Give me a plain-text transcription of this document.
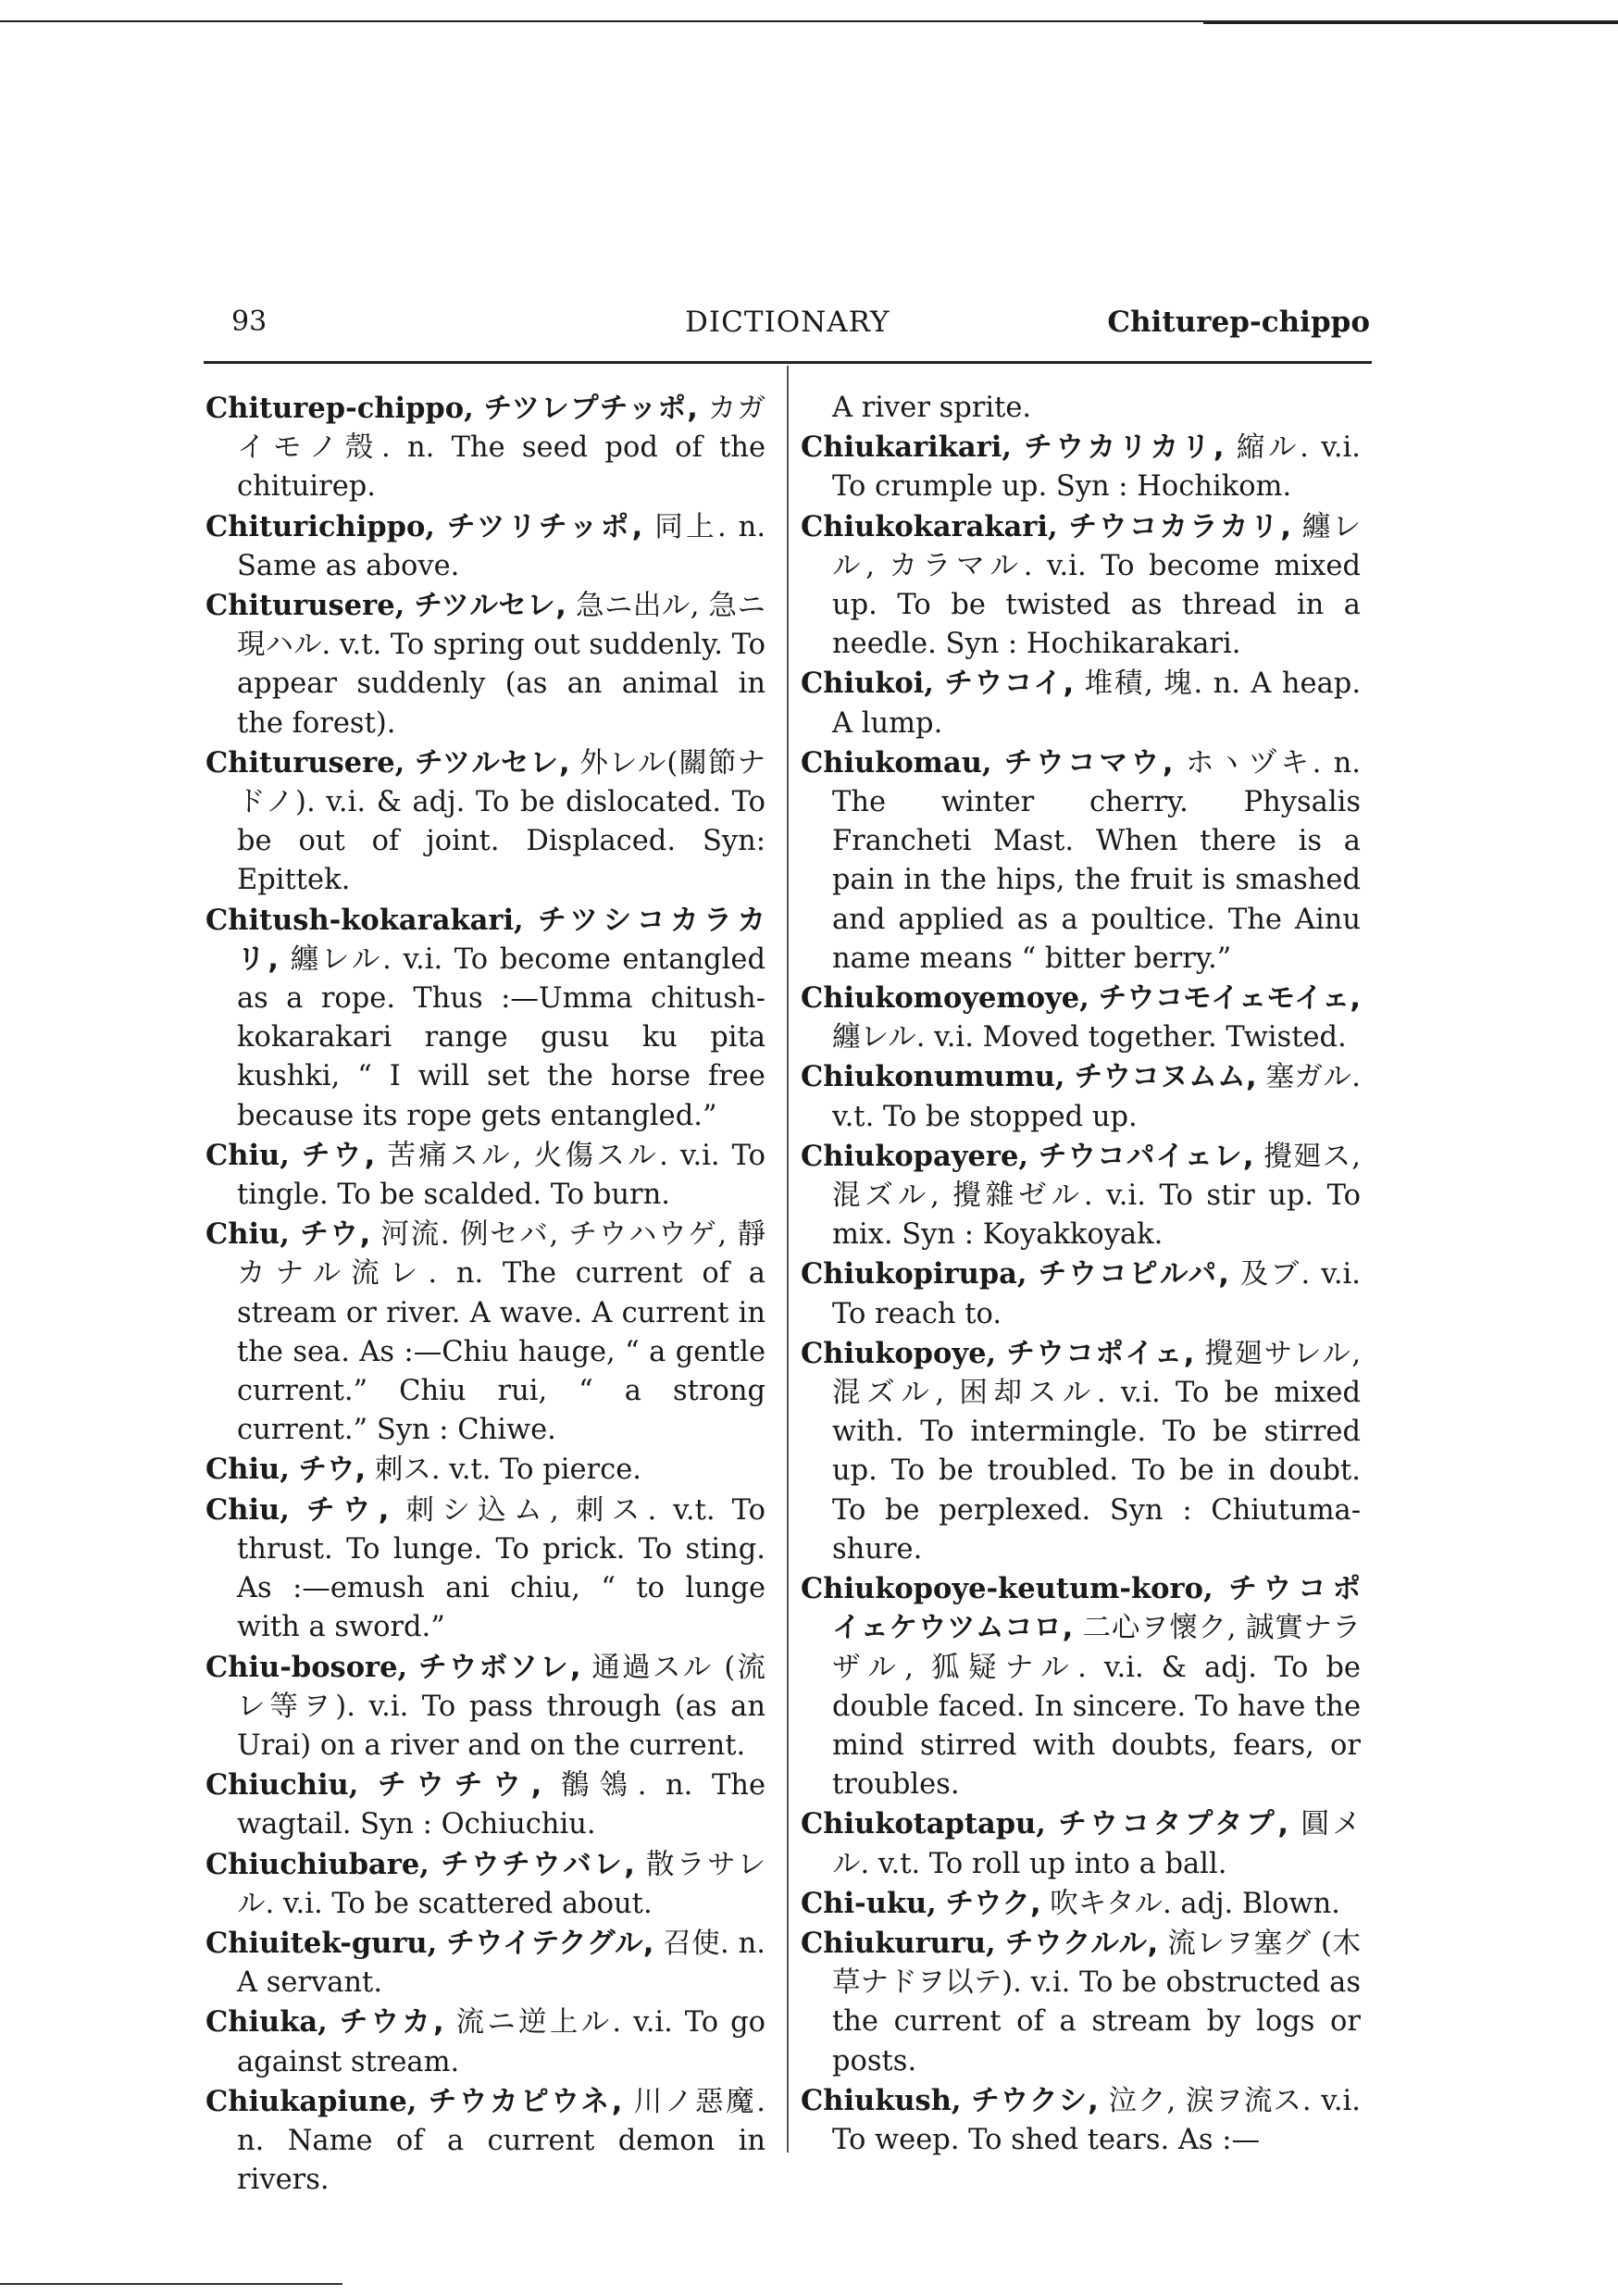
93	DICTIONARY	Chiturep-chippo

Chiturep-chippo, チツレプチッポ, カガイモノ殼. n. The seed pod of the chituirep.

Chiturichippo, チツリチッポ, 同上. n. Same as above.

Chiturusere, チツルセレ, 急ニ出ル, 急ニ現ハル. v.t. To spring out suddenly. To appear suddenly (as an animal in the forest).

Chiturusere, チツルセレ, 外レル(關節ナドノ). v.i. & adj. To be dislocated. To be out of joint. Displaced. Syn: Epittek.

Chitush-kokarakari, チツシコカラカリ, 纏レル. v.i. To become entangled as a rope. Thus :—Umma chitush-kokarakari range gusu ku pita kushki, “ I will set the horse free because its rope gets entangled.”

Chiu, チウ, 苦痛スル, 火傷スル. v.i. To tingle. To be scalded. To burn.

Chiu, チウ, 河流. 例セバ, チウハウゲ, 靜カナル流レ. n. The current of a stream or river. A wave. A current in the sea. As :—Chiu hauge, “ a gentle current.” Chiu rui, “ a strong current.” Syn : Chiwe.

Chiu, チウ, 刺ス. v.t. To pierce.

Chiu, チウ, 刺シ込ム, 刺ス. v.t. To thrust. To lunge. To prick. To sting. As :—emush ani chiu, “ to lunge with a sword.”

Chiu-bosore, チウボソレ, 通過スル (流レ等ヲ). v.i. To pass through (as an Urai) on a river and on the current.

Chiuchiu, チウチウ, 鶺鴒. n. The wagtail. Syn : Ochiuchiu.

Chiuchiubare, チウチウバレ, 散ラサレル. v.i. To be scattered about.

Chiuitek-guru, チウイテクグル, 召使. n. A servant.

Chiuka, チウカ, 流ニ逆上ル. v.i. To go against stream.

Chiukapiune, チウカピウネ, 川ノ惡魔. n. Name of a current demon in rivers.

A river sprite.

Chiukarikari, チウカリカリ, 縮ル. v.i. To crumple up. Syn : Hochikom.

Chiukokarakari, チウコカラカリ, 纏レル, カラマル. v.i. To become mixed up. To be twisted as thread in a needle. Syn : Hochikarakari.

Chiukoi, チウコイ, 堆積, 塊. n. A heap. A lump.

Chiukomau, チウコマウ, ホヽヅキ. n. The winter cherry. Physalis Francheti Mast. When there is a pain in the hips, the fruit is smashed and applied as a poultice. The Ainu name means “ bitter berry.”

Chiukomoyemoye, チウコモイェモイェ, 纏レル. v.i. Moved together. Twisted.

Chiukonumumu, チウコヌムム, 塞ガル. v.t. To be stopped up.

Chiukopayere, チウコパイェレ, 攪廻ス, 混ズル, 攪雜ゼル. v.i. To stir up. To mix. Syn : Koyakkoyak.

Chiukopirupa, チウコピルパ, 及ブ. v.i. To reach to.

Chiukopoye, チウコポイェ, 攪廻サレル, 混ズル, 困却スル. v.i. To be mixed with. To intermingle. To be stirred up. To be troubled. To be in doubt. To be perplexed. Syn : Chiutuma-shure.

Chiukopoye-keutum-koro, チウコポイェケウツムコロ, 二心ヲ懷ク, 誠實ナラザル, 狐疑ナル. v.i. & adj. To be double faced. In sincere. To have the mind stirred with doubts, fears, or troubles.

Chiukotaptapu, チウコタプタプ, 圓メル. v.t. To roll up into a ball.

Chi-uku, チウク, 吹キタル. adj. Blown.

Chiukururu, チウクルル, 流レヲ塞グ (木草ナドヲ以テ). v.i. To be obstructed as the current of a stream by logs or posts.

Chiukush, チウクシ, 泣ク, 涙ヲ流ス. v.i. To weep. To shed tears. As :—
